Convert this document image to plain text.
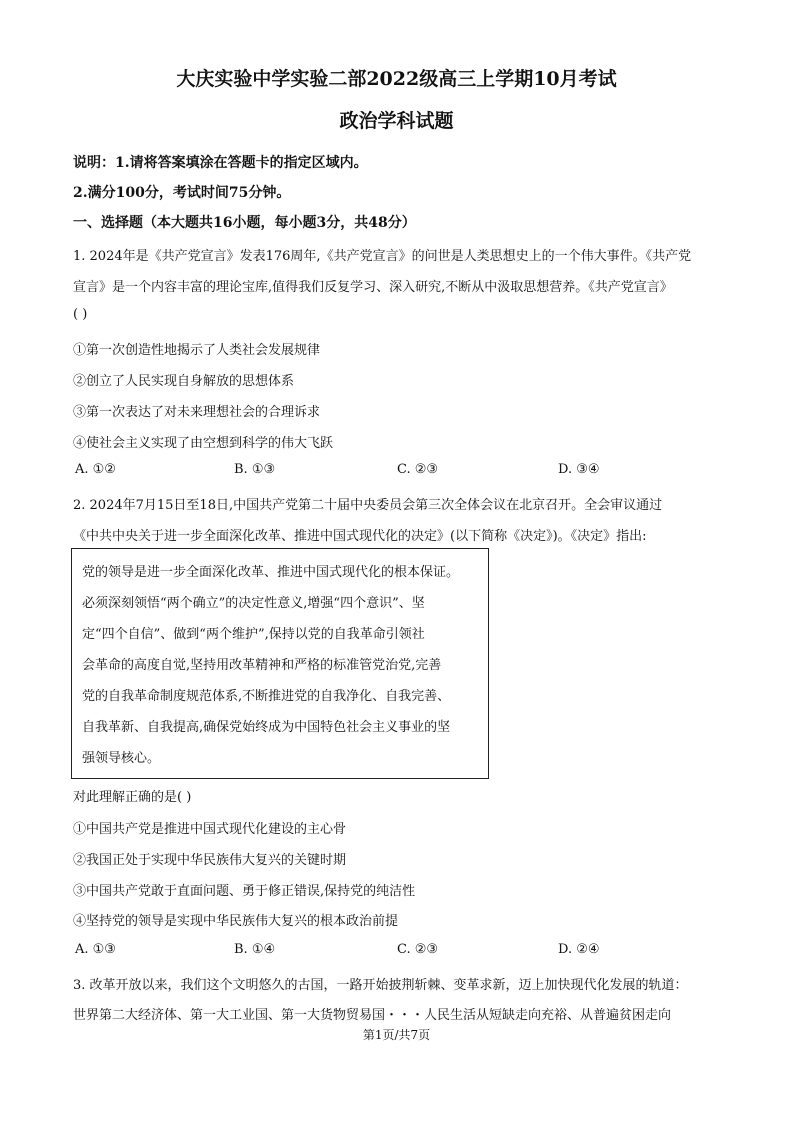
大庆实验中学实验二部2022级高三上学期10月考试
政治学科试题
说明：1.请将答案填涂在答题卡的指定区域内。
2.满分100分，考试时间75分钟。
一、选择题（本大题共16小题，每小题3分，共48分）
1. 2024年是《共产党宣言》发表176周年,《共产党宣言》的问世是人类思想史上的一个伟大事件。《共产党
宣言》是一个内容丰富的理论宝库,值得我们反复学习、深入研究,不断从中汲取思想营养。《共产党宣言》
( )
①第一次创造性地揭示了人类社会发展规律
②创立了人民实现自身解放的思想体系
③第一次表达了对未来理想社会的合理诉求
④使社会主义实现了由空想到科学的伟大飞跃
A. ①②	B. ①③	C. ②③	D. ③④
2. 2024年7月15日至18日,中国共产党第二十届中央委员会第三次全体会议在北京召开。全会审议通过
《中共中央关于进一步全面深化改革、推进中国式现代化的决定》(以下简称《决定》)。《决定》指出:
党的领导是进一步全面深化改革、推进中国式现代化的根本保证。
必须深刻领悟“两个确立”的决定性意义,增强“四个意识”、坚
定“四个自信”、做到“两个维护”,保持以党的自我革命引领社
会革命的高度自觉,坚持用改革精神和严格的标准管党治党,完善
党的自我革命制度规范体系,不断推进党的自我净化、自我完善、
自我革新、自我提高,确保党始终成为中国特色社会主义事业的坚
强领导核心。
对此理解正确的是( )
①中国共产党是推进中国式现代化建设的主心骨
②我国正处于实现中华民族伟大复兴的关键时期
③中国共产党敢于直面问题、勇于修正错误,保持党的纯洁性
④坚持党的领导是实现中华民族伟大复兴的根本政治前提
A. ①③	B. ①④	C. ②③	D. ②④
3. 改革开放以来，我们这个文明悠久的古国，一路开始披荆斩棘、变革求新，迈上加快现代化发展的轨道：
世界第二大经济体、第一大工业国、第一大货物贸易国・・・人民生活从短缺走向充裕、从普遍贫困走向
第1页/共7页
